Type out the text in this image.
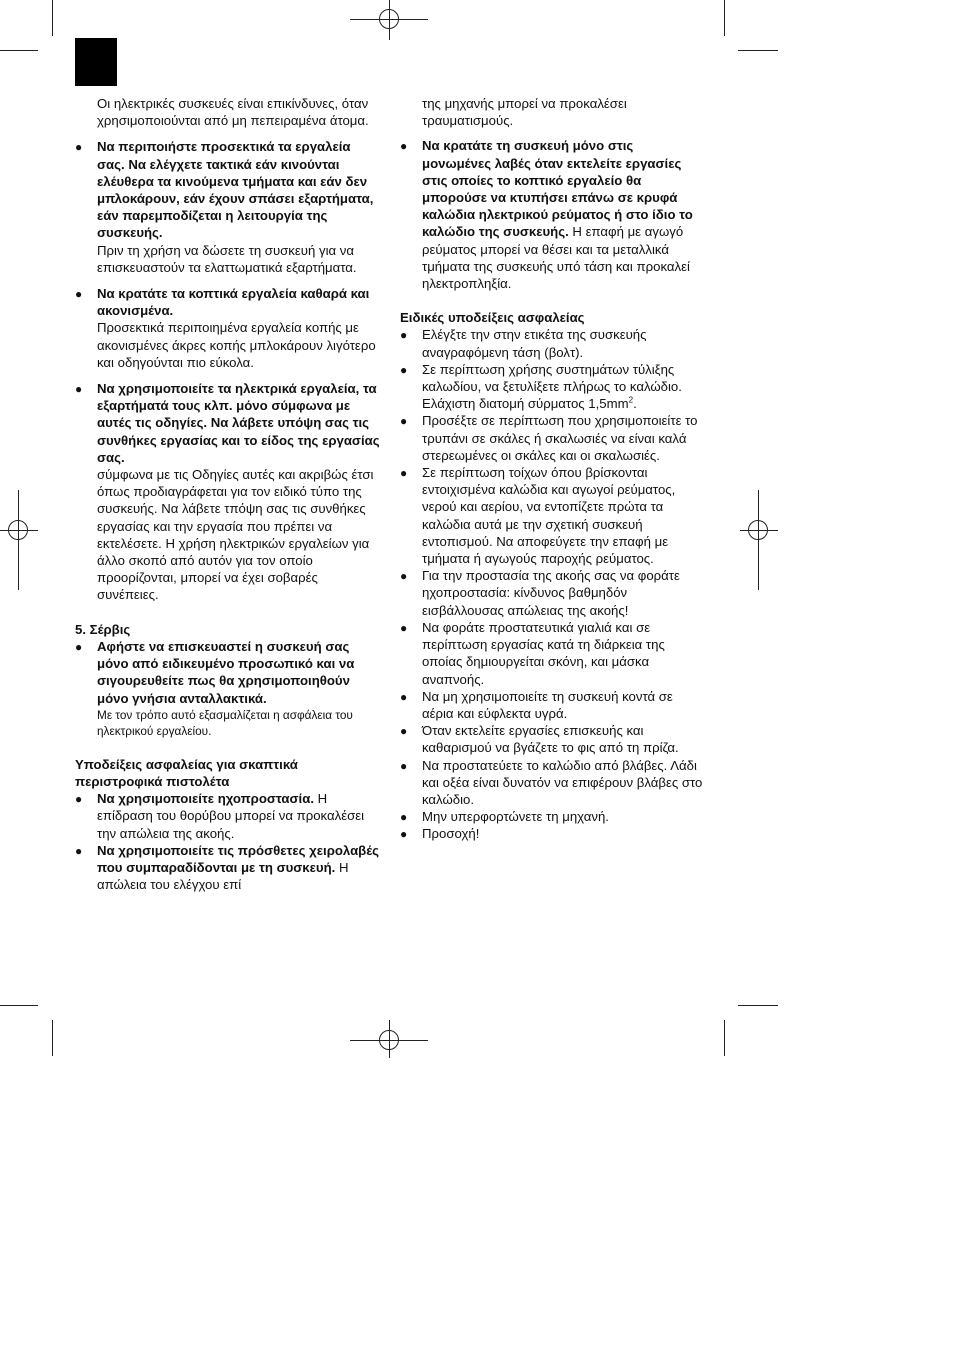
Οι ηλεκτρικές συσκευές είναι επικίνδυνες, όταν χρησιμοποιούνται από μη πεπειραμένα άτομα.

● Να περιποιήστε προσεκτικά τα εργαλεία σας. Να ελέγχετε τακτικά εάν κινούνται ελέυθερα τα κινούμενα τμήματα και εάν δεν μπλοκάρουν, εάν έχουν σπάσει εξαρτήματα, εάν παρεμποδίζεται η λειτουργία της συσκευής.
Πριν τη χρήση να δώσετε τη συσκευή για να επισκευαστούν τα ελαττωματικά εξαρτήματα.
● Να κρατάτε τα κοπτικά εργαλεία καθαρά και ακονισμένα.
Προσεκτικά περιποιημένα εργαλεία κοπής με ακονισμένες άκρες κοπής μπλοκάρουν λιγότερο και οδηγούνται πιο εύκολα.
● Να χρησιμοποιείτε τα ηλεκτρικά εργαλεία, τα εξαρτήματά τους κλπ. μόνο σύμφωνα με αυτές τις οδηγίες. Να λάβετε υπόψη σας τις συνθήκες εργασίας και το είδος της εργασίας σας.
σύμφωνα με τις Οδηγίες αυτές και ακριβώς έτσι όπως προδιαγράφεται για τον ειδικό τύπο της συσκευής. Να λάβετε τπόψη σας τις συνθήκες εργασίας και την εργασία που πρέπει να εκτελέσετε. Η χρήση ηλεκτρικών εργαλείων για άλλο σκοπό από αυτόν για τον οποίο προορίζονται, μπορεί να έχει σοβαρές συνέπειες.

5. Σέρβις

● Αφήστε να επισκευαστεί η συσκευή σας μόνο από ειδικευμένο προσωπικό και να σιγουρευθείτε πως θα χρησιμοποιηθούν μόνο γνήσια ανταλλακτικά.
Με τον τρόπο αυτό εξασμαλίζεται η ασφάλεια του ηλεκτρικού εργαλείου.

Υποδείξεις ασφαλείας για σκαπτικά περιστροφικά πιστολέτα

● Να χρησιμοποιείτε ηχοπροστασία. Η επίδραση του θορύβου μπορεί να προκαλέσει την απώλεια της ακοής.
● Να χρησιμοποιείτε τις πρόσθετες χειρολαβές που συμπαραδίδονται με τη συσκευή. Η απώλεια του ελέγχου επί

της μηχανής μπορεί να προκαλέσει τραυματισμούς.

● Να κρατάτε τη συσκευή μόνο στις μονωμένες λαβές όταν εκτελείτε εργασίες στις οποίες το κοπτικό εργαλείο θα μπορούσε να κτυπήσει επάνω σε κρυφά καλώδια ηλεκτρικού ρεύματος ή στο ίδιο το καλώδιο της συσκευής. Η επαφή με αγωγό ρεύματος μπορεί να θέσει και τα μεταλλικά τμήματα της συσκευής υπό τάση και προκαλεί ηλεκτροπληξία.

Ειδικές υποδείξεις ασφαλείας

● Ελέγξτε την στην ετικέτα της συσκευής αναγραφόμενη τάση (βολτ).
● Σε περίπτωση χρήσης συστημάτων τύλιξης καλωδίου, να ξετυλίξετε πλήρως το καλώδιο. Ελάχιστη διατομή σύρματος $1,5mm^2$.
● Προσέξτε σε περίπτωση που χρησιμοποιείτε το τρυπάνι σε σκάλες ή σκαλωσιές να είναι καλά στερεωμένες οι σκάλες και οι σκαλωσιές.
● Σε περίπτωση τοίχων όπου βρίσκονται εντοιχισμένα καλώδια και αγωγοί ρεύματος, νερού και αερίου, να εντοπίζετε πρώτα τα καλώδια αυτά με την σχετική συσκευή εντοπισμού. Να αποφεύγετε την επαφή με τμήματα ή αγωγούς παροχής ρεύματος.
● Για την προστασία της ακοής σας να φοράτε ηχοπροστασία: κίνδυνος βαθμηδόν εισβάλλουσας απώλειας της ακοής!
● Να φοράτε προστατευτικά γιαλιά και σε περίπτωση εργασίας κατά τη διάρκεια της οποίας δημιουργείται σκόνη, και μάσκα αναπνοής.
● Να μη χρησιμοποιείτε τη συσκευή κοντά σε αέρια και εύφλεκτα υγρά.
● Όταν εκτελείτε εργασίες επισκευής και καθαρισμού να βγάζετε το φις από τη πρίζα.
● Να προστατεύετε το καλώδιο από βλάβες. Λάδι και οξέα είναι δυνατόν να επιφέρουν βλάβες στο καλώδιο.
● Μην υπερφορτώνετε τη μηχανή.
● Προσοχή!
